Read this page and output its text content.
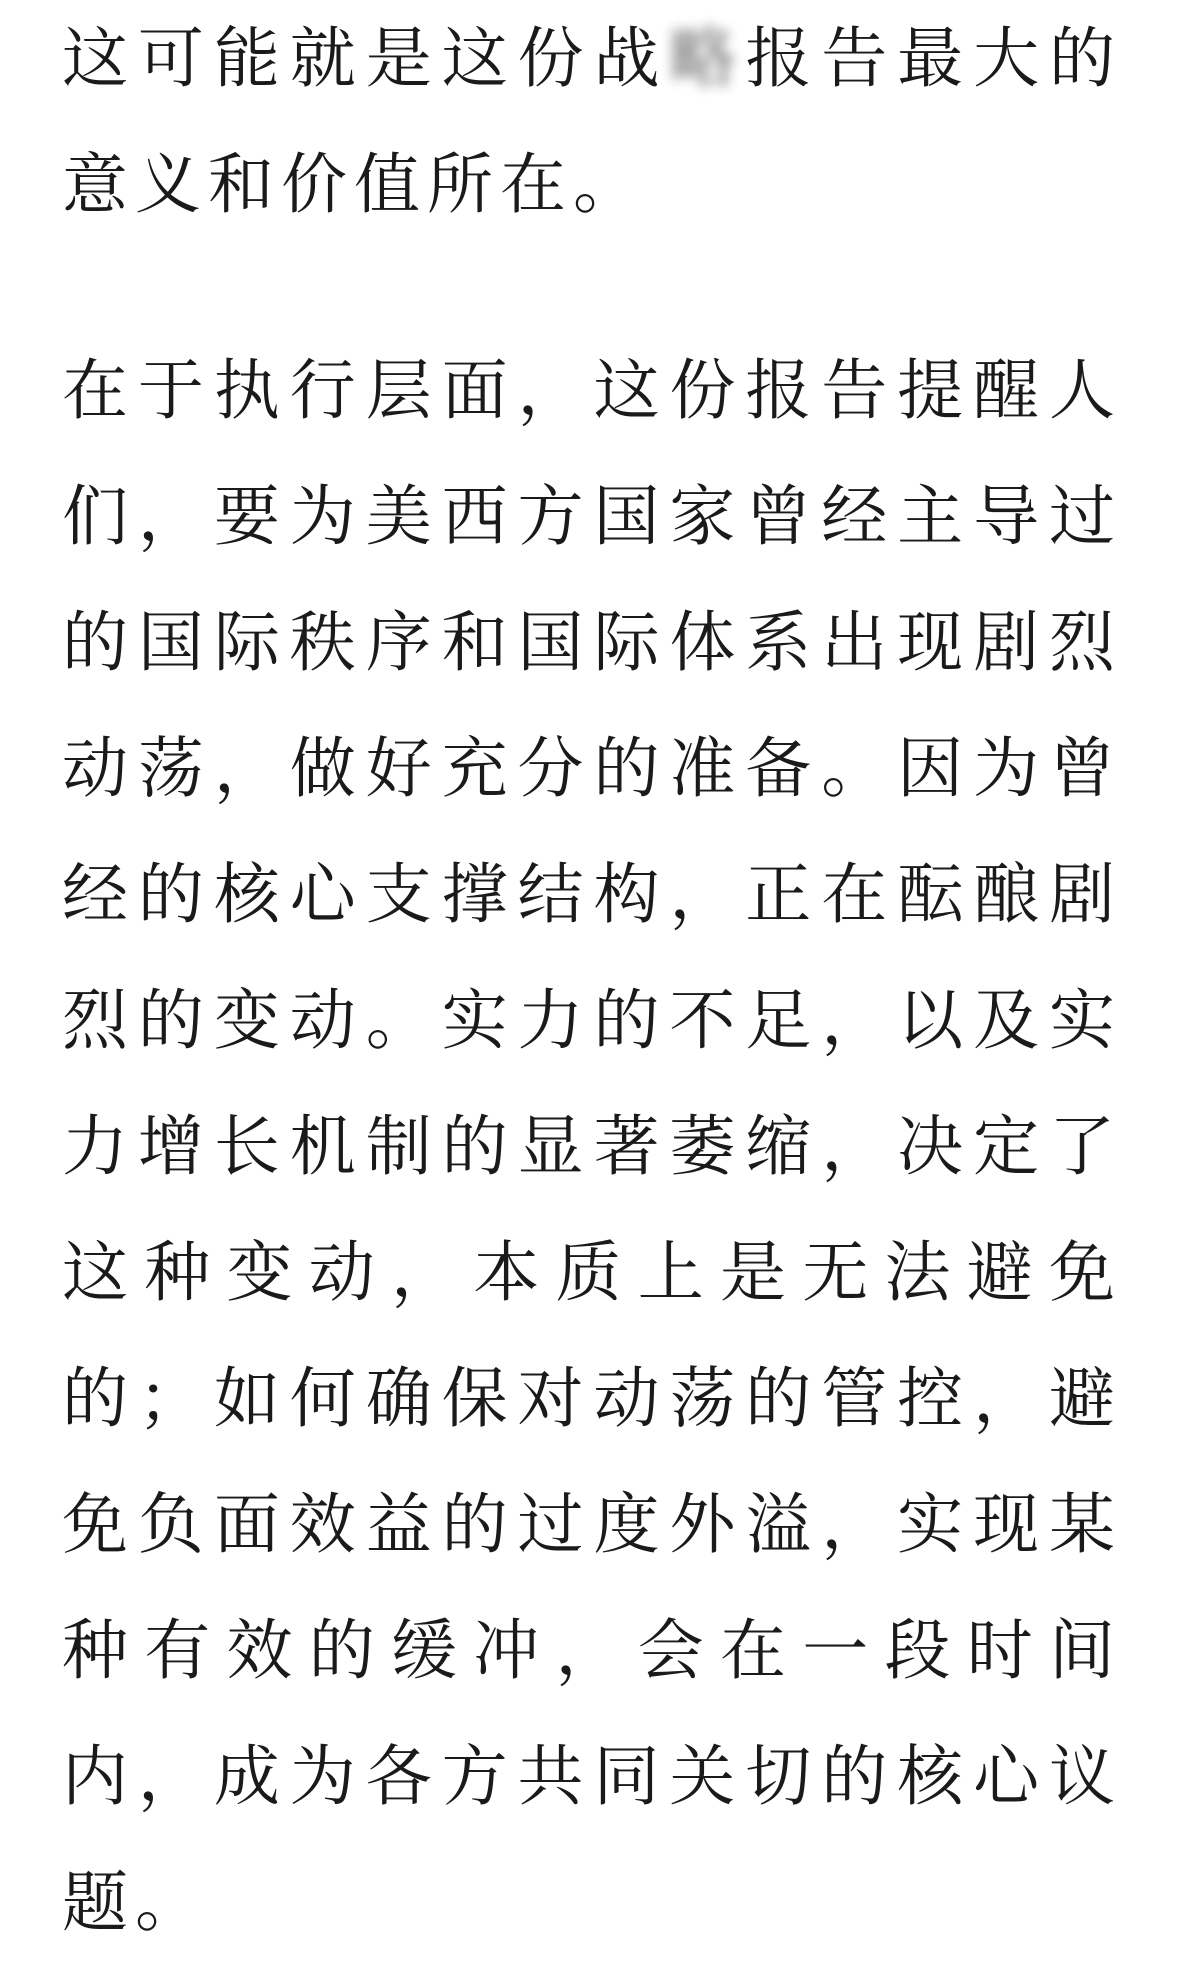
这可能就是这份战略报告最大的意义和价值所在。

在于执行层面，这份报告提醒人们，要为美西方国家曾经主导过的国际秩序和国际体系出现剧烈动荡，做好充分的准备。因为曾经的核心支撑结构，正在酝酿剧烈的变动。实力的不足，以及实力增长机制的显著萎缩，决定了这种变动，本质上是无法避免的；如何确保对动荡的管控，避免负面效益的过度外溢，实现某种有效的缓冲，会在一段时间内，成为各方共同关切的核心议题。
